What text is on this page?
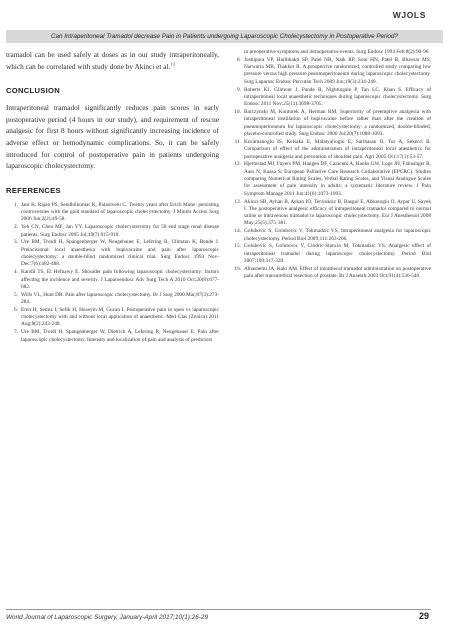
WJOLS
Can Intraperitoneal Tramadol decrease Pain in Patients undergoing Laparoscopic Cholecystectomy in Postoperative Period?

tramadol can be used safely at doses as in our study intraperitoneally, which can be correlated with study done by Akinci et al.$^{13}$

CONCLUSION

Intraperitoneal tramadol significantly reduces pain scores in early postoperative period (4 hours in our study), and requirement of rescue analgesic for first 8 hours without significantly increasing incidence of adverse effect or hemodynamic complications. So, it can be safely introduced for control of postoperative pain in patients undergoing laparoscopic cholecystectomy.

REFERENCES
1. Jani K, Rajan PS, Sendhilkumar K, Palanivelu C. Twenty years after Erich Muhe: persisting controversies with the gold standard of laparoscopic cholecystectomy. J Minim Access Surg 2006 Jun;2(2):49-58.
2. Yeh CN, Chen MF, Jan YY. Laparoscopic cholecystectomy for 58 end stage renal disease patients. Surg Endosc 2005 Jul;19(7):915-918.
3. Ure BM, Troidl H, Spangenberger W, Neugebauer E, Lefering R, Ullmann K, Bende J. Preincisional local anaesthesia with bupivacaine and pain after laparoscopic cholecystectomy: a double-blind randomized clinical trial. Surg Endosc 1993 Nov-Dec;7(6):482-488.
4. Kandil TS, El Hefnawy E. Shoulder pain following laparoscopic cholecystectomy: factors affecting the incidence and severity. J Laparoendosc Adv Surg Tech A 2010 Oct;20(8):677-682.
5. Wills VL, Hunt DR. Pain after laparoscopic cholecystectomy. Br J Surg 2000 Mar;87(3):273-284.
6. Eren H, Semiz I, Sefik H, Huseyin M, Gucan I. Postoperative pain in open vs laparoscopic cholecystectomy with and without local application of anaesthetic. Med Glas (Zenica) 2011 Aug;8(2):243-248.
7. Ure BM, Troidl H, Spangenberger W, Dietrich A, Lefering R, Neugebauer E. Pain after laparoscopic cholecystectomy. Intensity and localization of pain and analysis of predictors
in preoperative symptoms and intraoperative events. Surg Endosc 1994 Feb;8(2):90-96.
8. Joshipura VP, Haribhakti SP, Patel NR, Naik RP, Soni HN, Patel B, Bhavsar MS, Narwaria MB, Thakker R. A prospective randomized, controlled study comparing low pressure versus high pressure pneumoperitoneum during laparoscopic cholecystectomy. Surg Laparosc Endosc Percutan Tech 2009 Jun;19(3):234-240.
9. Roberts KJ, Gilmour J, Pande R, Nightingale P, Tan LC, Khan S. Efficacy of intraperitoneal local anaesthetic techniques during laparoscopic cholecystectomy. Surg Endosc 2011 Nov;25(11):3698-3705.
10. Barczynski M, Konturek A, Herman RM. Superiority of preemptive analgesia with intraperitoneal instillation of bupivacaine before rather than after the creation of pneumoperitoneum for laparoscopic cholecystectomy: a randomized, double-blinded, placebo-controlled study. Surg Endosc 2006 Jul;20(7):1088-1093.
11. Kocamanoglu IS, Kelsaka E, Malatyalioglu E, Sarihasan B, Tur A, Sekerci B. Comparison of effect of the administration of intraperitoneal local anesthetics for postoperative analgesia and prevention of shoulder pain. Agri 2005 Oct;17(1):53-57.
12. Hjermstad MJ, Fayers PM, Haugen DF, Caraceni A, Hanks GW, Loge JH, Fainsinger R, Aass N, Kaasa S; European Palliative Care Research Collaborative (EPCRC). Studies comparing Numerical Rating Scales, Verbal Rating Scales, and Visual Analogue Scales for assessment of pain intensity in adults: a systematic literature review. J Pain Symptom Manage 2011 Jun;41(6):1073-1093.
13. Akinci SB, Ayhan B, Aykan IO, Terzioksiz B, Basgul E, Abbasoglu O, Aypar U, Sayek I. The postoperative analgesic efficacy of intraperitoneal tramadol compared to normal saline or intravenous tramadol in laparoscopic cholecystectomy. Eur J Anesthesiol 2008 May;25(5):375-381.
14. Golubovic S, Golubovic V, Tokmadzic VS. Intraperitoneal analgesia for laparoscopic cholecystectomy. Period Biol 2009;111:263-266.
15. Golubovic S, Golubovic V, Cindric-Stancin M, Tokmadzic VS. Analgesic effect of intraperitoneal tramadol during laparoscopic cholecystectomy. Period Biol 2007;109:317-320.
16. Alhashemi JA, Kaki AM. Effect of intrathecal tramadol administration on postoperative pain after transurethral resection of prostate. Br J Anaesth 2003 Oct;91(4):536-540.
World Journal of Laparoscopic Surgery, January-April 2017;10(1):26-29	29
